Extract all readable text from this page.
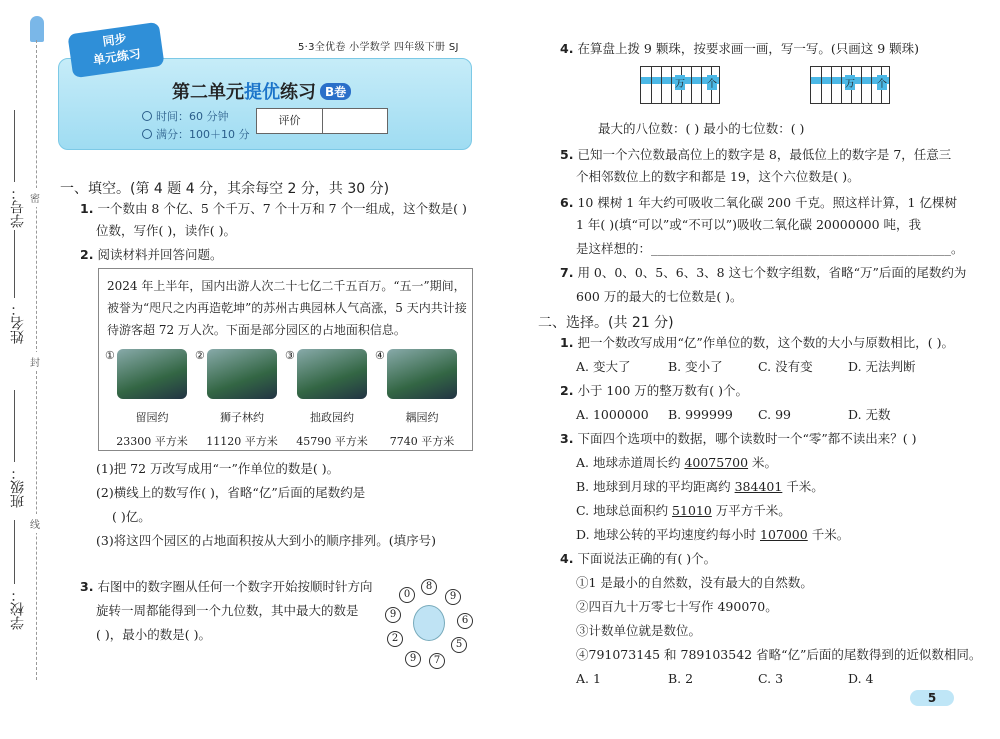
学号：
姓名：
班级：
学校：
密
封
线
同步
单元练习	5·3全优卷 小学数学 四年级下册 SJ
第二单元提优练习 B卷
时间：60 分钟
满分：100＋10 分
评价
一、填空。(第 4 题 4 分，其余每空 2 分，共 30 分)
1. 一个数由 8 个亿、5 个千万、7 个十万和 7 个一组成，这个数是( )
位数，写作( )，读作( )。
2. 阅读材料并回答问题。
2024 年上半年，国内出游人次二十七亿二千五百万。“五一”期间，被誉为“咫尺之内再造乾坤”的苏州古典园林人气高涨，5 天内共计接待游客超 72 万人次。下面是部分园区的占地面积信息。
①
留园约
23300 平方米
②
狮子林约
11120 平方米
③
拙政园约
45790 平方米
④
耦园约
7740 平方米
(1)把 72 万改写成用“一”作单位的数是( )。
(2)横线上的数写作( )，省略“亿”后面的尾数约是
( )亿。
(3)将这四个园区的占地面积按从大到小的顺序排列。(填序号)
3. 右图中的数字圈从任何一个数字开始按顺时针方向
旋转一周都能得到一个九位数，其中最大的数是
( )，最小的数是( )。
8
9
6
5
7
9
2
9
0
4. 在算盘上拨 9 颗珠，按要求画一画，写一写。(只画这 9 颗珠)
万 个	万 个
最大的八位数：( ) 最小的七位数：( )
5. 已知一个六位数最高位上的数字是 8，最低位上的数字是 7，任意三
个相邻数位上的数字和都是 19，这个六位数是( )。
6. 10 棵树 1 年大约可吸收二氧化碳 200 千克。照这样计算，1 亿棵树
1 年( )(填“可以”或“不可以”)吸收二氧化碳 20000000 吨，我
是这样想的：________________________________________________。
7. 用 0、0、0、5、6、3、8 这七个数字组数，省略“万”后面的尾数约为
600 万的最大的七位数是( )。
二、选择。(共 21 分)
1. 把一个数改写成用“亿”作单位的数，这个数的大小与原数相比，( )。
A. 变大了	B. 变小了	C. 没有变	D. 无法判断
2. 小于 100 万的整万数有( )个。
A. 1000000 B. 999999 C. 99	D. 无数
3. 下面四个选项中的数据，哪个读数时一个“零”都不读出来？( )
A. 地球赤道周长约 40075700 米。
B. 地球到月球的平均距离约 384401 千米。
C. 地球总面积约 51010 万平方千米。
D. 地球公转的平均速度约每小时 107000 千米。
4. 下面说法正确的有( )个。
①1 是最小的自然数，没有最大的自然数。
②四百九十万零七十写作 490070。
③计数单位就是数位。
④791073145 和 789103542 省略“亿”后面的尾数得到的近似数相同。
A. 1	B. 2	C. 3	D. 4
5
